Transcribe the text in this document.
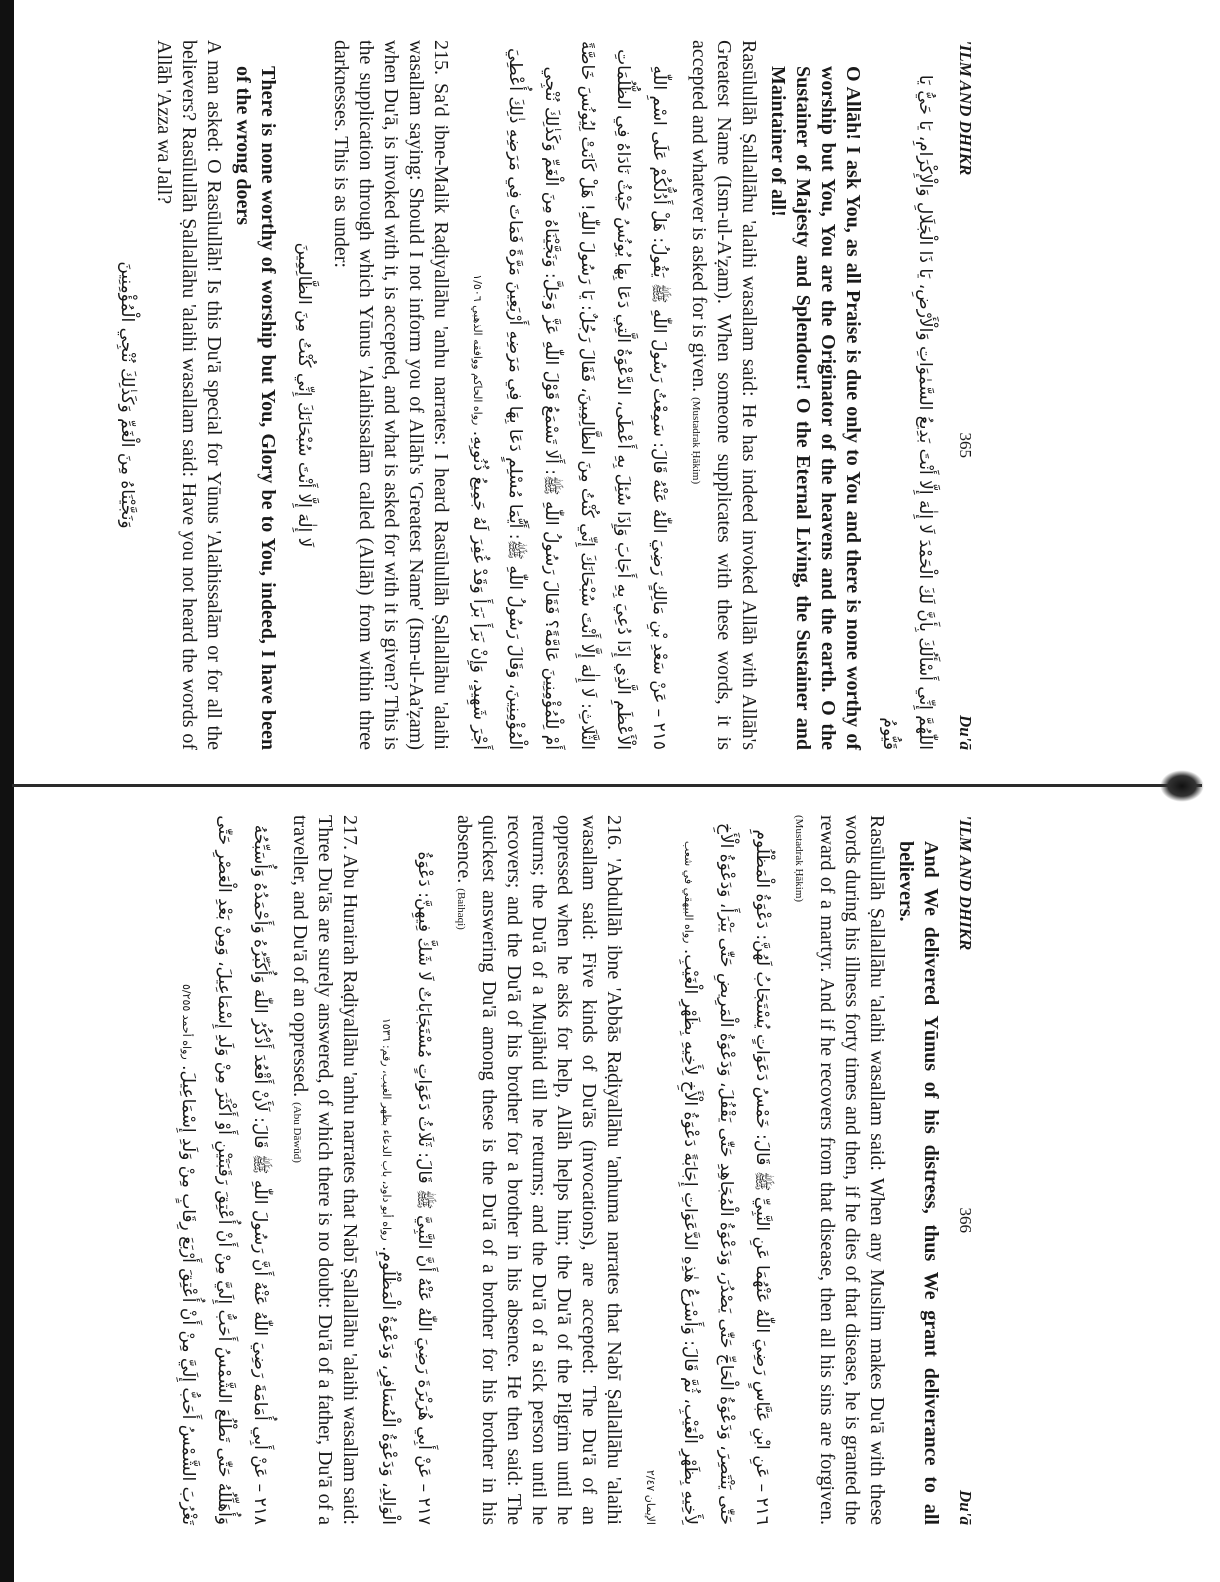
'ILM AND DHIKR
365
Du'ā
اللّٰهُمَّ إِنِّي أَسْأَلُكَ بِأَنَّ لَكَ الْحَمْدَ لَا إِلٰهَ إِلَّا أَنْتَ بَدِيعُ السَّمٰوَاتِ وَالْأَرْضِ، يَا ذَا الْجَلَالِ وَالْإِكْرَامِ، يَا حَيُّ يَا قَيُّومُ
O Allāh! I ask You, as all Praise is due only to You and there is none worthy of worship but You, You are the Originator of the heavens and the earth. O the Sustainer of Majesty and Splendour! O the Eternal Living, the Sustainer and Maintainer of all!
Rasūlullāh Ṣallallāhu 'alaihi wasallam said: He has indeed invoked Allāh with Allāh's Greatest Name (Ism-ul-A'ẓam). When someone supplicates with these words, it is accepted and whatever is asked for is given. (Mustadrak Ḥākim)
٢١٥ – عَنْ سَعْدِ بْنِ مَالِكٍ رَضِيَ اللّٰهُ عَنْهُ قَالَ: سَمِعْتُ رَسُولَ اللّٰهِ ﷺ يَقُولُ: هَلْ أَدُلُّكُمْ عَلَى اسْمِ اللّٰهِ الْأَعْظَمِ الَّذِي إِذَا دُعِيَ بِهِ أَجَابَ وَإِذَا سُئِلَ بِهِ أَعْطَى، الدَّعْوَةُ الَّتِي دَعَا بِهَا يُونُسُ حَيْثُ نَادَاهُ فِي الظُّلُمَاتِ الثَّلَاثِ: لَا إِلٰهَ إِلَّا أَنْتَ سُبْحَانَكَ إِنِّي كُنْتُ مِنَ الظَّالِمِينَ، فَقَالَ رَجُلٌ: يَا رَسُولَ اللّٰهِ! هَلْ كَانَتْ لِيُونُسَ خَاصَّةً أَمْ لِلْمُؤْمِنِينَ عَامَّةً؟ فَقَالَ رَسُولُ اللّٰهِ ﷺ: أَلَا تَسْمَعُ قَوْلَ اللّٰهِ عَزَّ وَجَلَّ: وَنَجَّيْنَاهُ مِنَ الْغَمِّ وَكَذٰلِكَ نُنْجِي الْمُؤْمِنِينَ، وَقَالَ رَسُولُ اللّٰهِ ﷺ: أَيُّمَا مُسْلِمٍ دَعَا بِهَا فِي مَرَضِهِ أَرْبَعِينَ مَرَّةً فَمَاتَ فِي مَرَضِهِ ذٰلِكَ أُعْطِيَ أَجْرَ شَهِيدٍ، وَإِنْ بَرَأَ بَرَأَ وَقَدْ غُفِرَ لَهُ جَمِيعُ ذُنُوبِهِ. رواه الحاكم ووافقه الذهبي ١/٥٠٦
215. Sa'd ibne-Malik Raḍiyallāhu 'anhu narrates: I heard Rasūlullāh Ṣallallāhu 'alaihi wasallam saying: Should I not inform you of Allāh's 'Greatest Name' (Ism-ul-Aa'ẓam) when Du'ā, is invoked with it, is accepted, and what is asked for with it is given? This is the supplication through which Yūnus 'Alaihissalām called (Allāh) from within three darknesses. This is as under:
لَا إِلٰهَ إِلَّا أَنْتَ سُبْحَانَكَ إِنِّي كُنْتُ مِنَ الظَّالِمِينَ
There is none worthy of worship but You, Glory be to You, indeed, I have been of the wrong doers
A man asked: O Rasūlullāh! Is this Du'ā special for Yūnus 'Alaihissalām or for all the believers? Rasūlullāh Ṣallallāhu 'alaihi wasallam said: Have you not heard the words of Allāh 'Azza wa Jall?
وَنَجَّيْنَاهُ مِنَ الْغَمِّ وَكَذٰلِكَ نُنْجِي الْمُؤْمِنِينَ
'ILM AND DHIKR
366
Du'ā
And We delivered Yūnus of his distress, thus We grant deliverance to all believers.
Rasūlullāh Ṣallallāhu 'alaihi wasallam said: When any Muslim makes Du'ā with these words during his illness forty times and then, if he dies of that disease, he is granted the reward of a martyr. And if he recovers from that disease, then all his sins are forgiven. (Mustadrak Ḥākim)
٢١٦ – عَنِ ابْنِ عَبَّاسٍ رَضِيَ اللّٰهُ عَنْهُمَا عَنِ النَّبِيِّ ﷺ قَالَ: خَمْسُ دَعَوَاتٍ يُسْتَجَابُ لَهُنَّ: دَعْوَةُ الْمَظْلُومِ حَتّٰى يَنْتَصِرَ، وَدَعْوَةُ الْحَاجِّ حَتّٰى يَصْدُرَ، وَدَعْوَةُ الْمُجَاهِدِ حَتّٰى يَقْفُلَ، وَدَعْوَةُ الْمَرِيضِ حَتّٰى يَبْرَأَ، وَدَعْوَةُ الْأَخِ لِأَخِيهِ بِظَهْرِ الْغَيْبِ، ثُمَّ قَالَ: وَأَسْرَعُ هٰذِهِ الدَّعَوَاتِ إِجَابَةً دَعْوَةُ الْأَخِ لِأَخِيهِ بِظَهْرِ الْغَيْبِ. رواه البيهقي في شعب الإيمان ٢/٤٧
216. 'Abdullāh ibne 'Abbās Raḍiyallāhu 'anhuma narrates that Nabī Ṣallallāhu 'alaihi wasallam said: Five kinds of Du'ās (invocations), are accepted: The Du'ā of an oppressed when he asks for help, Allāh helps him; the Du'ā of the Pilgrim until he returns; the Du'ā of a Mujāhid till he returns; and the Du'ā of a sick person until he recovers; and the Du'ā of his brother for a brother in his absence. He then said: The quickest answering Du'ā among these is the Du'ā of a brother for his brother in his absence. (Baihaqi)
٢١٧ – عَنْ أَبِي هُرَيْرَةَ رَضِيَ اللّٰهُ عَنْهُ أَنَّ النَّبِيَّ ﷺ قَالَ: ثَلَاثُ دَعَوَاتٍ مُسْتَجَابَاتٌ لَا شَكَّ فِيهِنَّ: دَعْوَةُ الْوَالِدِ، وَدَعْوَةُ الْمُسَافِرِ، وَدَعْوَةُ الْمَظْلُومِ. رواه أبو داود، باب الدعاء بظهر الغيب، رقم: ١٥٣٦
217. Abu Hurairah Raḍiyallāhu 'anhu narrates that Nabī Ṣallallāhu 'alaihi wasallam said: Three Du'ās are surely answered, of which there is no doubt: Du'ā of a father, Du'ā of a traveller, and Du'ā of an oppressed. (Abu Dāwūd)
٢١٨ – عَنْ أَبِي أُمَامَةَ رَضِيَ اللّٰهُ عَنْهُ أَنَّ رَسُولَ اللّٰهِ ﷺ قَالَ: لَأَنْ أَقْعُدَ أَذْكُرُ اللّٰهَ وَأُكَبِّرُهُ وَأَحْمَدُهُ وَأُسَبِّحُهُ وَأُهَلِّلُهُ حَتّٰى تَطْلُعَ الشَّمْسُ أَحَبُّ إِلَيَّ مِنْ أَنْ أُعْتِقَ رَقَبَتَيْنِ أَوْ أَكْثَرَ مِنْ وَلَدِ إِسْمَاعِيلَ، وَمِنْ بَعْدِ الْعَصْرِ حَتّٰى تَغْرُبَ الشَّمْسُ أَحَبُّ إِلَيَّ مِنْ أَنْ أُعْتِقَ أَرْبَعَ رِقَابٍ مِنْ وَلَدِ إِسْمَاعِيلَ. رواه أحمد ٥/٢٥٥
